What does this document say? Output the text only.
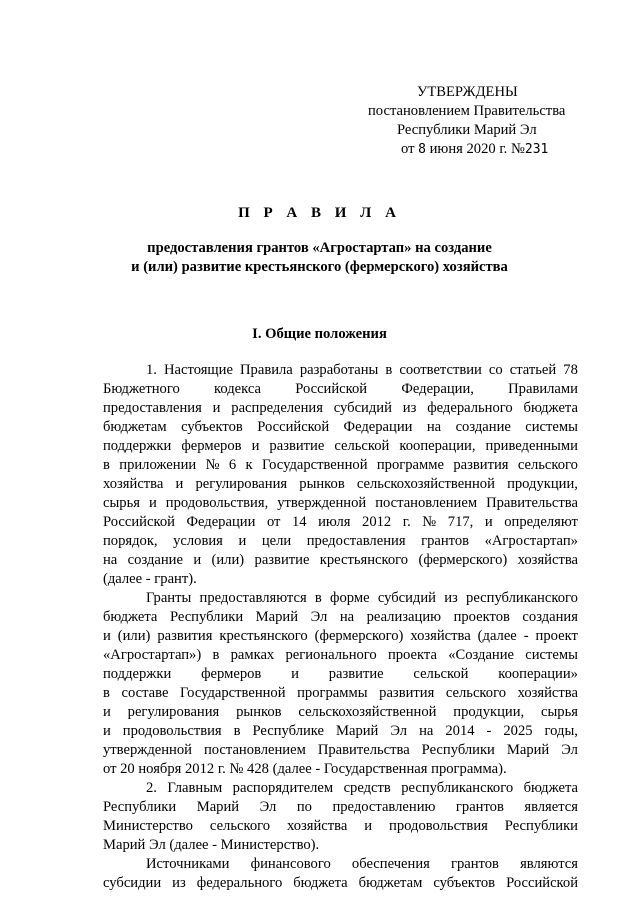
УТВЕРЖДЕНЫ
постановлением Правительства
Республики Марий Эл
от 8 июня 2020 г. №231
П Р А В И Л А
предоставления грантов «Агростартап» на создание
и (или) развитие крестьянского (фермерского) хозяйства
I. Общие положения
1. Настоящие Правила разработаны в соответствии со статьей 78
Бюджетного кодекса Российской Федерации, Правилами
предоставления и распределения субсидий из федерального бюджета
бюджетам субъектов Российской Федерации на создание системы
поддержки фермеров и развитие сельской кооперации, приведенными
в приложении № 6 к Государственной программе развития сельского
хозяйства и регулирования рынков сельскохозяйственной продукции,
сырья и продовольствия, утвержденной постановлением Правительства
Российской Федерации от 14 июля 2012 г. № 717, и определяют
порядок, условия и цели предоставления грантов «Агростартап»
на создание и (или) развитие крестьянского (фермерского) хозяйства
(далее - грант).
Гранты предоставляются в форме субсидий из республиканского
бюджета Республики Марий Эл на реализацию проектов создания
и (или) развития крестьянского (фермерского) хозяйства (далее - проект
«Агростартап») в рамках регионального проекта «Создание системы
поддержки фермеров и развитие сельской кооперации»
в составе Государственной программы развития сельского хозяйства
и регулирования рынков сельскохозяйственной продукции, сырья
и продовольствия в Республике Марий Эл на 2014 - 2025 годы,
утвержденной постановлением Правительства Республики Марий Эл
от 20 ноября 2012 г. № 428 (далее - Государственная программа).
2. Главным распорядителем средств республиканского бюджета
Республики Марий Эл по предоставлению грантов является
Министерство сельского хозяйства и продовольствия Республики
Марий Эл (далее - Министерство).
Источниками финансового обеспечения грантов являются
субсидии из федерального бюджета бюджетам субъектов Российской
